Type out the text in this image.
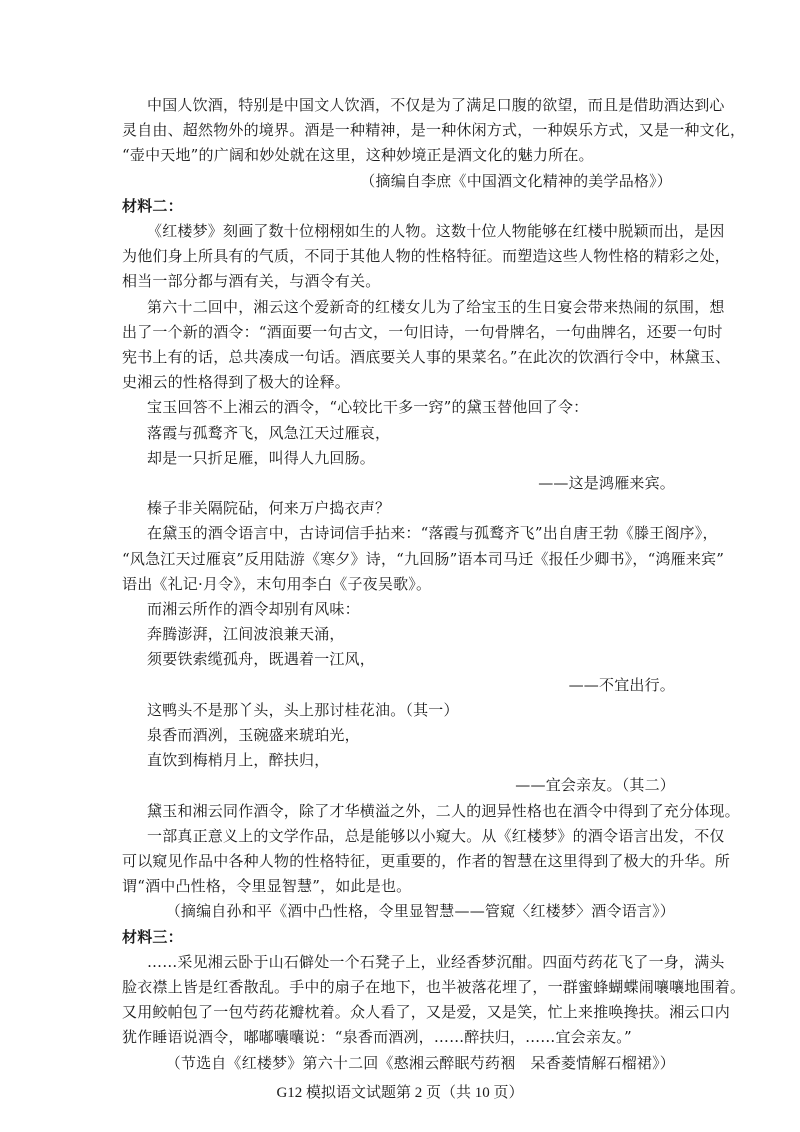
中国人饮酒，特别是中国文人饮酒，不仅是为了满足口腹的欲望，而且是借助酒达到心
灵自由、超然物外的境界。酒是一种精神，是一种休闲方式，一种娱乐方式，又是一种文化，
“壶中天地”的广阔和妙处就在这里，这种妙境正是酒文化的魅力所在。
（摘编自李庶《中国酒文化精神的美学品格》）
材料二：
《红楼梦》刻画了数十位栩栩如生的人物。这数十位人物能够在红楼中脱颖而出，是因
为他们身上所具有的气质，不同于其他人物的性格特征。而塑造这些人物性格的精彩之处，
相当一部分都与酒有关，与酒令有关。
第六十二回中，湘云这个爱新奇的红楼女儿为了给宝玉的生日宴会带来热闹的氛围，想
出了一个新的酒令：“酒面要一句古文，一句旧诗，一句骨牌名，一句曲牌名，还要一句时
宪书上有的话，总共凑成一句话。酒底要关人事的果菜名。”在此次的饮酒行令中，林黛玉、
史湘云的性格得到了极大的诠释。
宝玉回答不上湘云的酒令，“心较比干多一窍”的黛玉替他回了令：
落霞与孤鹜齐飞，风急江天过雁哀，
却是一只折足雁，叫得人九回肠。
——这是鸿雁来宾。
榛子非关隔院砧，何来万户捣衣声？
在黛玉的酒令语言中，古诗词信手拈来：“落霞与孤鹜齐飞”出自唐王勃《滕王阁序》，
“风急江天过雁哀”反用陆游《寒夕》诗，“九回肠”语本司马迁《报任少卿书》，“鸿雁来宾”
语出《礼记·月令》，末句用李白《子夜吴歌》。
而湘云所作的酒令却别有风味：
奔腾澎湃，江间波浪兼天涌，
须要铁索缆孤舟，既遇着一江风，
——不宜出行。
这鸭头不是那丫头，头上那讨桂花油。（其一）
泉香而酒冽，玉碗盛来琥珀光，
直饮到梅梢月上，醉扶归，
——宜会亲友。（其二）
黛玉和湘云同作酒令，除了才华横溢之外，二人的迥异性格也在酒令中得到了充分体现。
一部真正意义上的文学作品，总是能够以小窥大。从《红楼梦》的酒令语言出发，不仅
可以窥见作品中各种人物的性格特征，更重要的，作者的智慧在这里得到了极大的升华。所
谓“酒中凸性格，令里显智慧”，如此是也。
（摘编自孙和平《酒中凸性格，令里显智慧——管窥〈红楼梦〉酒令语言》）
材料三：
……采见湘云卧于山石僻处一个石凳子上，业经香梦沉酣。四面芍药花飞了一身，满头
脸衣襟上皆是红香散乱。手中的扇子在地下，也半被落花埋了，一群蜜蜂蝴蝶闹嚷嚷地围着。
又用鲛帕包了一包芍药花瓣枕着。众人看了，又是爱，又是笑，忙上来推唤搀扶。湘云口内
犹作睡语说酒令，嘟嘟囔囔说：“泉香而酒冽，……醉扶归，……宜会亲友。”
（节选自《红楼梦》第六十二回《憨湘云醉眠芍药裀　呆香菱情解石榴裙》）
G12 模拟语文试题第 2 页（共 10 页）
